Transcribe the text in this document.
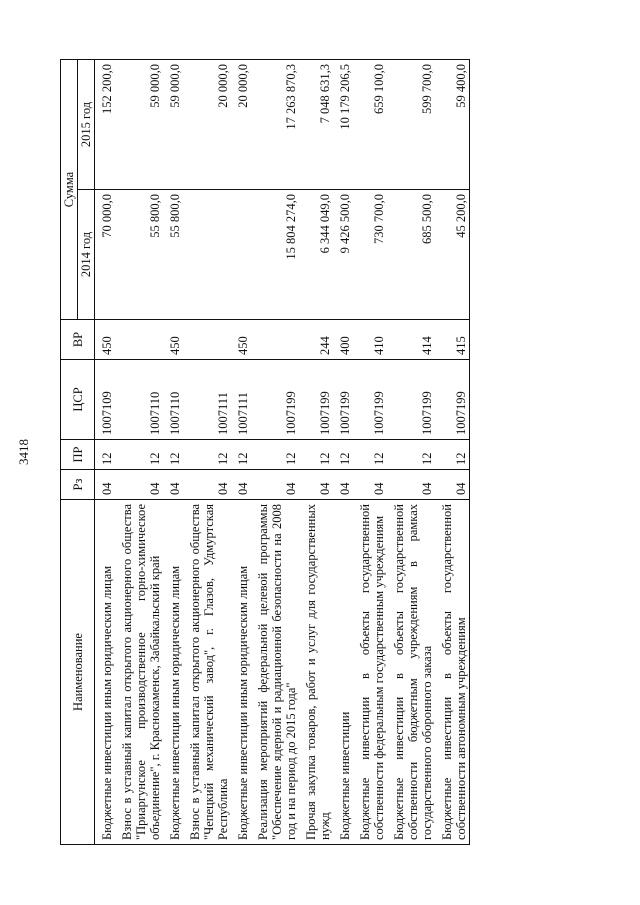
3418
Наименование	Рз	ПР	ЦСР	ВР	Сумма	
					2014 год	2015 год
Бюджетные инвестиции иным юридическим лицам	04	12	1007109	450	70 000,0	152 200,0
Взнос в уставный капитал открытого акционерного общества "Приаргунское производственное горно-химическое объединение", г. Краснокаменск, Забайкальский край	04	12	1007110		55 800,0	59 000,0
Бюджетные инвестиции иным юридическим лицам	04	12	1007110	450	55 800,0	59 000,0
Взнос в уставный капитал открытого акционерного общества "Чепецкий механический завод", г. Глазов, Удмуртская Республика	04	12	1007111			20 000,0
Бюджетные инвестиции иным юридическим лицам	04	12	1007111	450		20 000,0
Реализация мероприятий федеральной целевой программы "Обеспечение ядерной и радиационной безопасности на 2008 год и на период до 2015 года"	04	12	1007199		15 804 274,0	17 263 870,3
Прочая закупка товаров, работ и услуг для государственных нужд	04	12	1007199	244	6 344 049,0	7 048 631,3
Бюджетные инвестиции	04	12	1007199	400	9 426 500,0	10 179 206,5
Бюджетные инвестиции в объекты государственной собственности федеральным государственным учреждениям	04	12	1007199	410	730 700,0	659 100,0
Бюджетные инвестиции в объекты государственной собственности бюджетным учреждениям в рамках государственного оборонного заказа	04	12	1007199	414	685 500,0	599 700,0
Бюджетные инвестиции в объекты государственной собственности автономным учреждениям	04	12	1007199	415	45 200,0	59 400,0
